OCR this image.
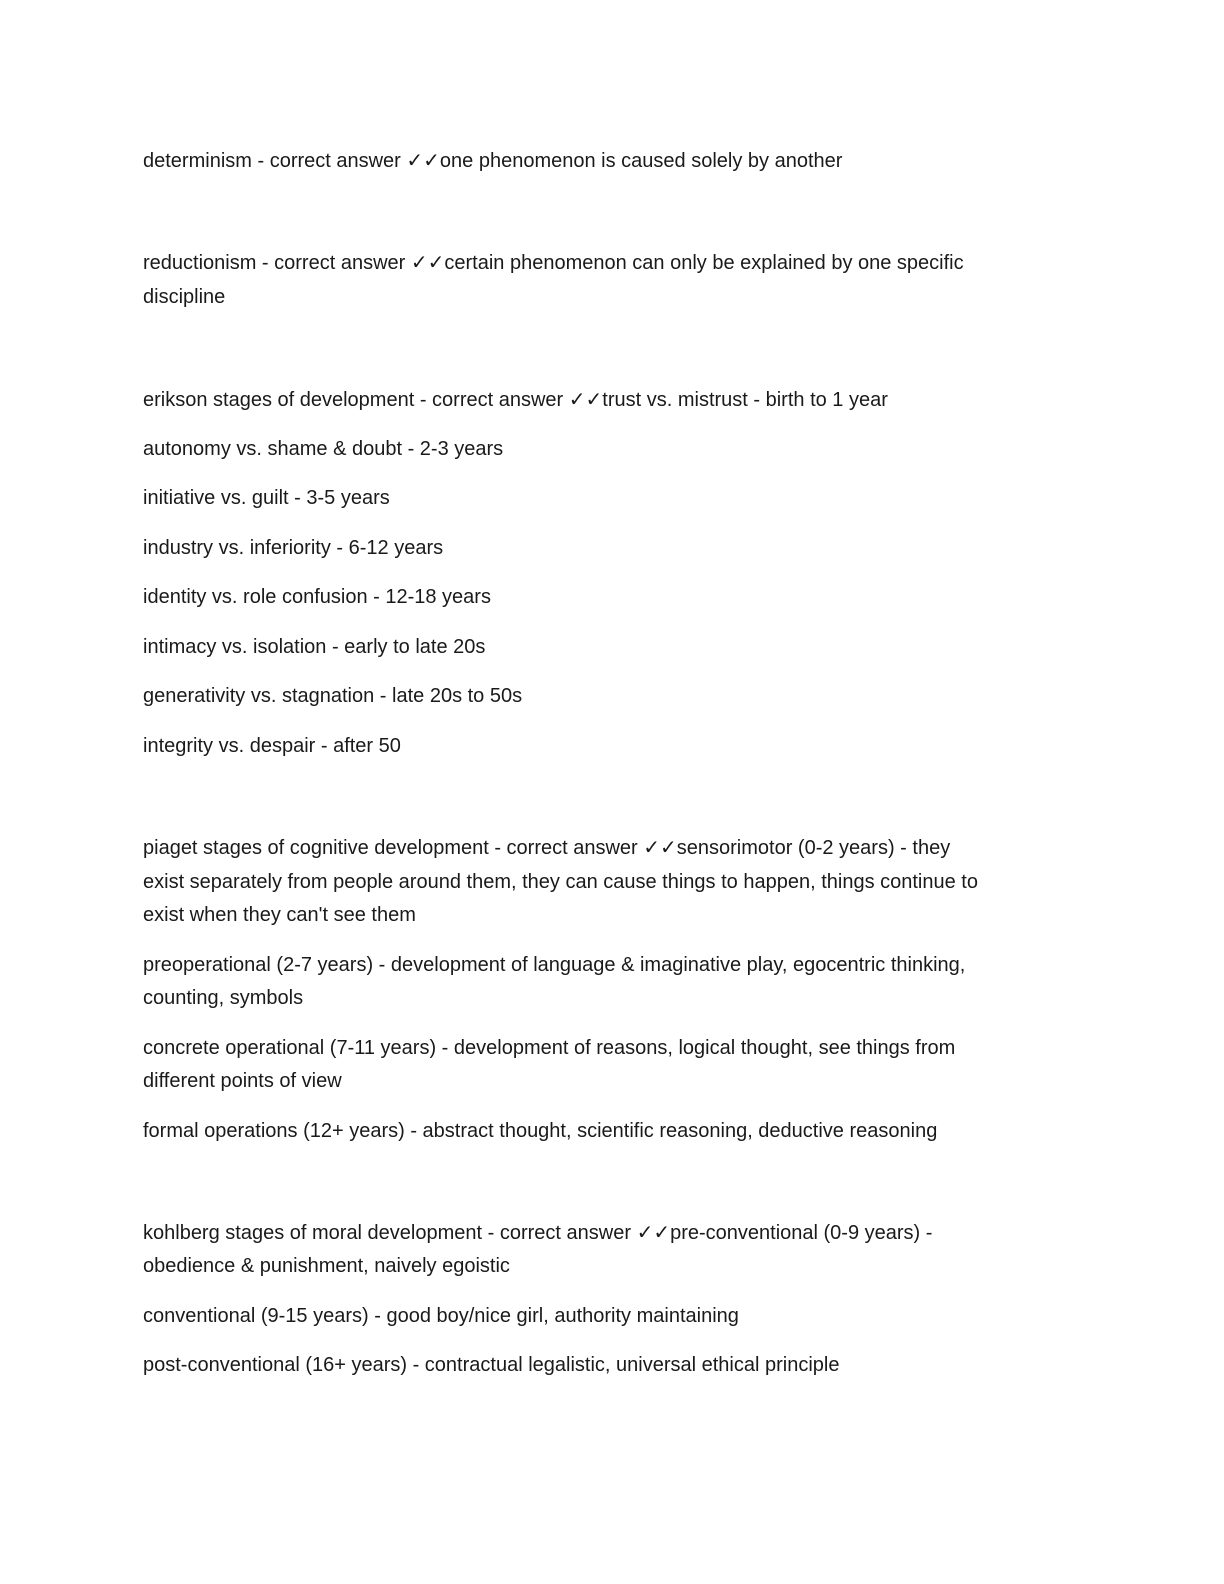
determinism - correct answer ✓✓one phenomenon is caused solely by another
reductionism - correct answer ✓✓certain phenomenon can only be explained by one specific
discipline
erikson stages of development - correct answer ✓✓trust vs. mistrust - birth to 1 year
autonomy vs. shame & doubt - 2-3 years
initiative vs. guilt - 3-5 years
industry vs. inferiority - 6-12 years
identity vs. role confusion - 12-18 years
intimacy vs. isolation - early to late 20s
generativity vs. stagnation - late 20s to 50s
integrity vs. despair - after 50
piaget stages of cognitive development - correct answer ✓✓sensorimotor (0-2 years) - they
exist separately from people around them, they can cause things to happen, things continue to
exist when they can't see them
preoperational (2-7 years) - development of language & imaginative play, egocentric thinking,
counting, symbols
concrete operational (7-11 years) - development of reasons, logical thought, see things from
different points of view
formal operations (12+ years) - abstract thought, scientific reasoning, deductive reasoning
kohlberg stages of moral development - correct answer ✓✓pre-conventional (0-9 years) -
obedience & punishment, naively egoistic
conventional (9-15 years) - good boy/nice girl, authority maintaining
post-conventional (16+ years) - contractual legalistic, universal ethical principle
